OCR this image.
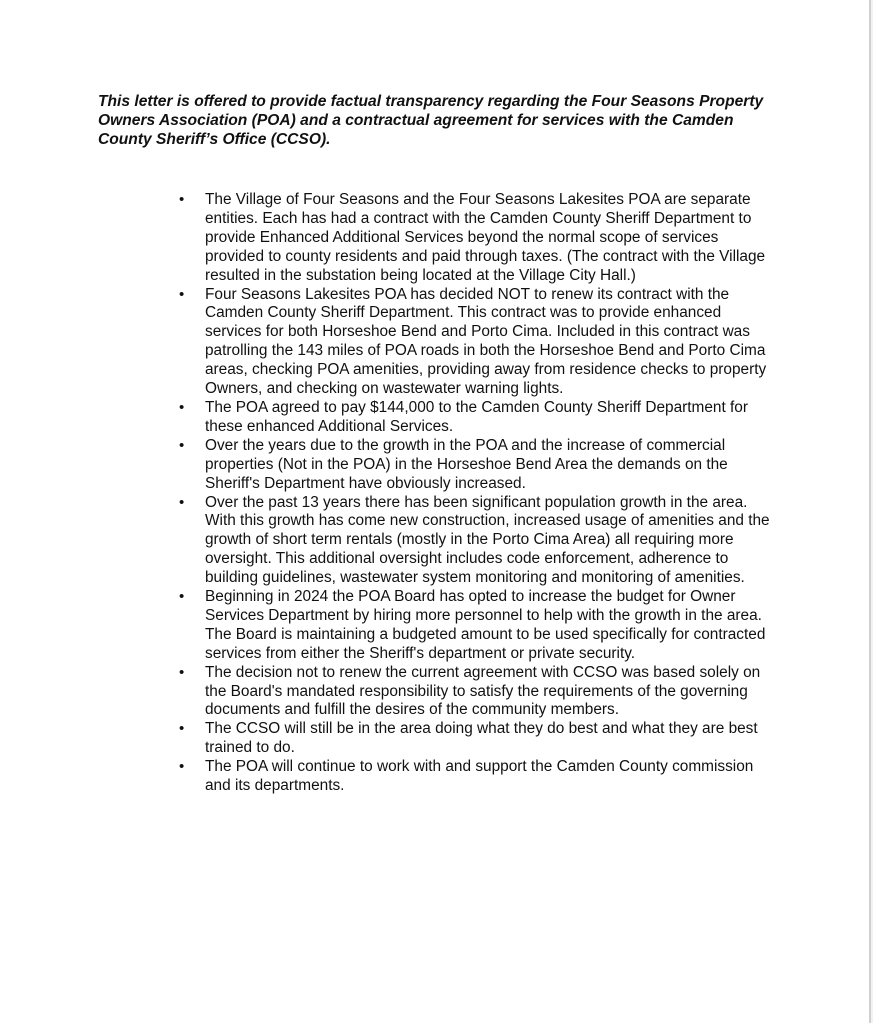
This letter is offered to provide factual transparency regarding the Four Seasons Property Owners Association (POA) and a contractual agreement for services with the Camden County Sheriff’s Office (CCSO).

• The Village of Four Seasons and the Four Seasons Lakesites POA are separate entities. Each has had a contract with the Camden County Sheriff Department to provide Enhanced Additional Services beyond the normal scope of services provided to county residents and paid through taxes. (The contract with the Village resulted in the substation being located at the Village City Hall.)
• Four Seasons Lakesites POA has decided NOT to renew its contract with the Camden County Sheriff Department. This contract was to provide enhanced services for both Horseshoe Bend and Porto Cima. Included in this contract was patrolling the 143 miles of POA roads in both the Horseshoe Bend and Porto Cima areas, checking POA amenities, providing away from residence checks to property Owners, and checking on wastewater warning lights.
• The POA agreed to pay $144,000 to the Camden County Sheriff Department for these enhanced Additional Services.
• Over the years due to the growth in the POA and the increase of commercial properties (Not in the POA) in the Horseshoe Bend Area the demands on the Sheriff's Department have obviously increased.
• Over the past 13 years there has been significant population growth in the area. With this growth has come new construction, increased usage of amenities and the growth of short term rentals (mostly in the Porto Cima Area) all requiring more oversight. This additional oversight includes code enforcement, adherence to building guidelines, wastewater system monitoring and monitoring of amenities.
• Beginning in 2024 the POA Board has opted to increase the budget for Owner Services Department by hiring more personnel to help with the growth in the area. The Board is maintaining a budgeted amount to be used specifically for contracted services from either the Sheriff's department or private security.
• The decision not to renew the current agreement with CCSO was based solely on the Board's mandated responsibility to satisfy the requirements of the governing documents and fulfill the desires of the community members.
• The CCSO will still be in the area doing what they do best and what they are best trained to do.
• The POA will continue to work with and support the Camden County commission and its departments.
